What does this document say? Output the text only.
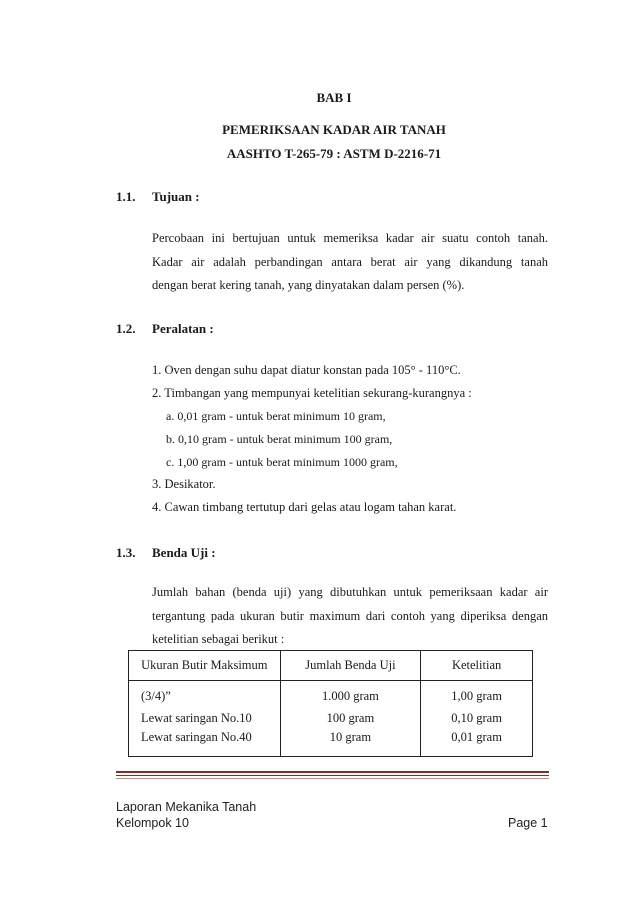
BAB I
PEMERIKSAAN KADAR AIR TANAH
AASHTO T-265-79 : ASTM D-2216-71
1.1. Tujuan :
Percobaan ini bertujuan untuk memeriksa kadar air suatu contoh tanah.
Kadar air adalah perbandingan antara berat air yang dikandung tanah
dengan berat kering tanah, yang dinyatakan dalam persen (%).
1.2. Peralatan :
1. Oven dengan suhu dapat diatur konstan pada 105° - 110°C.
2. Timbangan yang mempunyai ketelitian sekurang-kurangnya :
a. 0,01 gram - untuk berat minimum 10 gram,
b. 0,10 gram - untuk berat minimum 100 gram,
c. 1,00 gram - untuk berat minimum 1000 gram,
3. Desikator.
4. Cawan timbang tertutup dari gelas atau logam tahan karat.
1.3. Benda Uji :
Jumlah bahan (benda uji) yang dibutuhkan untuk pemeriksaan kadar air
tergantung pada ukuran butir maximum dari contoh yang diperiksa dengan
ketelitian sebagai berikut :
Ukuran Butir Maksimum	Jumlah Benda Uji	Ketelitian
(3/4)”	1.000 gram	1,00 gram
Lewat saringan No.10	100 gram	0,10 gram
Lewat saringan No.40	10 gram	0,01 gram
Laporan Mekanika Tanah
Kelompok 10	Page 1
